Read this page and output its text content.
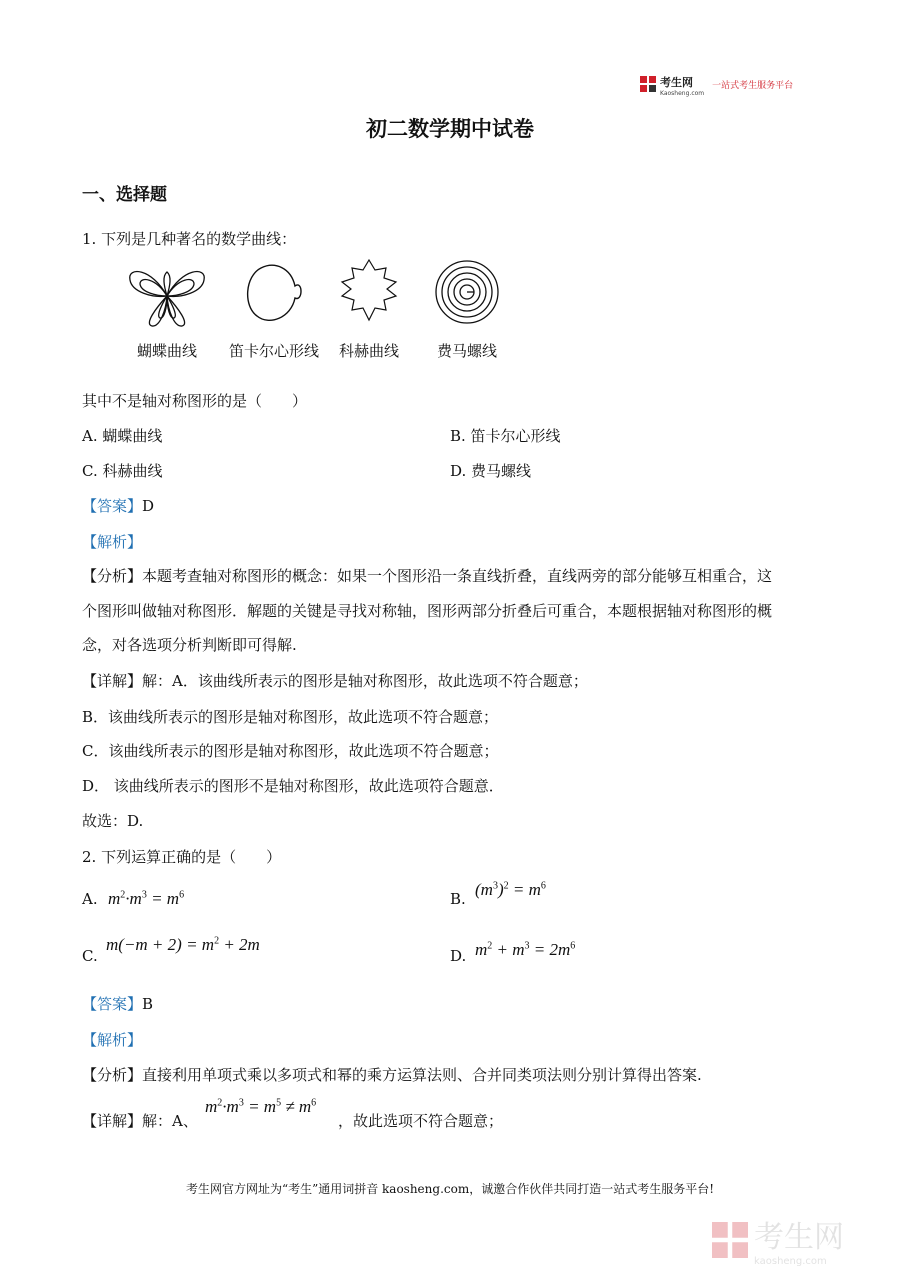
考生网
Kaosheng.com
一站式考生服务平台
初二数学期中试卷
一、选择题
1. 下列是几种著名的数学曲线：
蝴蝶曲线	笛卡尔心形线	科赫曲线	费马螺线
其中不是轴对称图形的是（　　）
A. 蝴蝶曲线	B. 笛卡尔心形线
C. 科赫曲线	D. 费马螺线
【答案】D
【解析】
【分析】本题考查轴对称图形的概念：如果一个图形沿一条直线折叠，直线两旁的部分能够互相重合，这
个图形叫做轴对称图形．解题的关键是寻找对称轴，图形两部分折叠后可重合，本题根据轴对称图形的概
念，对各选项分析判断即可得解.
【详解】解：A．该曲线所表示的图形是轴对称图形，故此选项不符合题意；
B．该曲线所表示的图形是轴对称图形，故此选项不符合题意；
C．该曲线所表示的图形是轴对称图形，故此选项不符合题意；
D． 该曲线所表示的图形不是轴对称图形，故此选项符合题意．
故选：D.
2. 下列运算正确的是（　　）
A. $m^2\cdot m^3 = m^6$	B. $(m^3)^2 = m^6$
C.
$m(-m + 2) = m^2 + 2m$
D. $m^2 + m^3 = 2m^6$
【答案】B
【解析】
【分析】直接利用单项式乘以多项式和幂的乘方运算法则、合并同类项法则分别计算得出答案.
【详解】解：A、
$m^2\cdot m^3 = m^5 \ne m^6$
，故此选项不符合题意；
考生网官方网址为“考生”通用词拼音 kaosheng.com，诚邀合作伙伴共同打造一站式考生服务平台!
考生网
kaosheng.com
